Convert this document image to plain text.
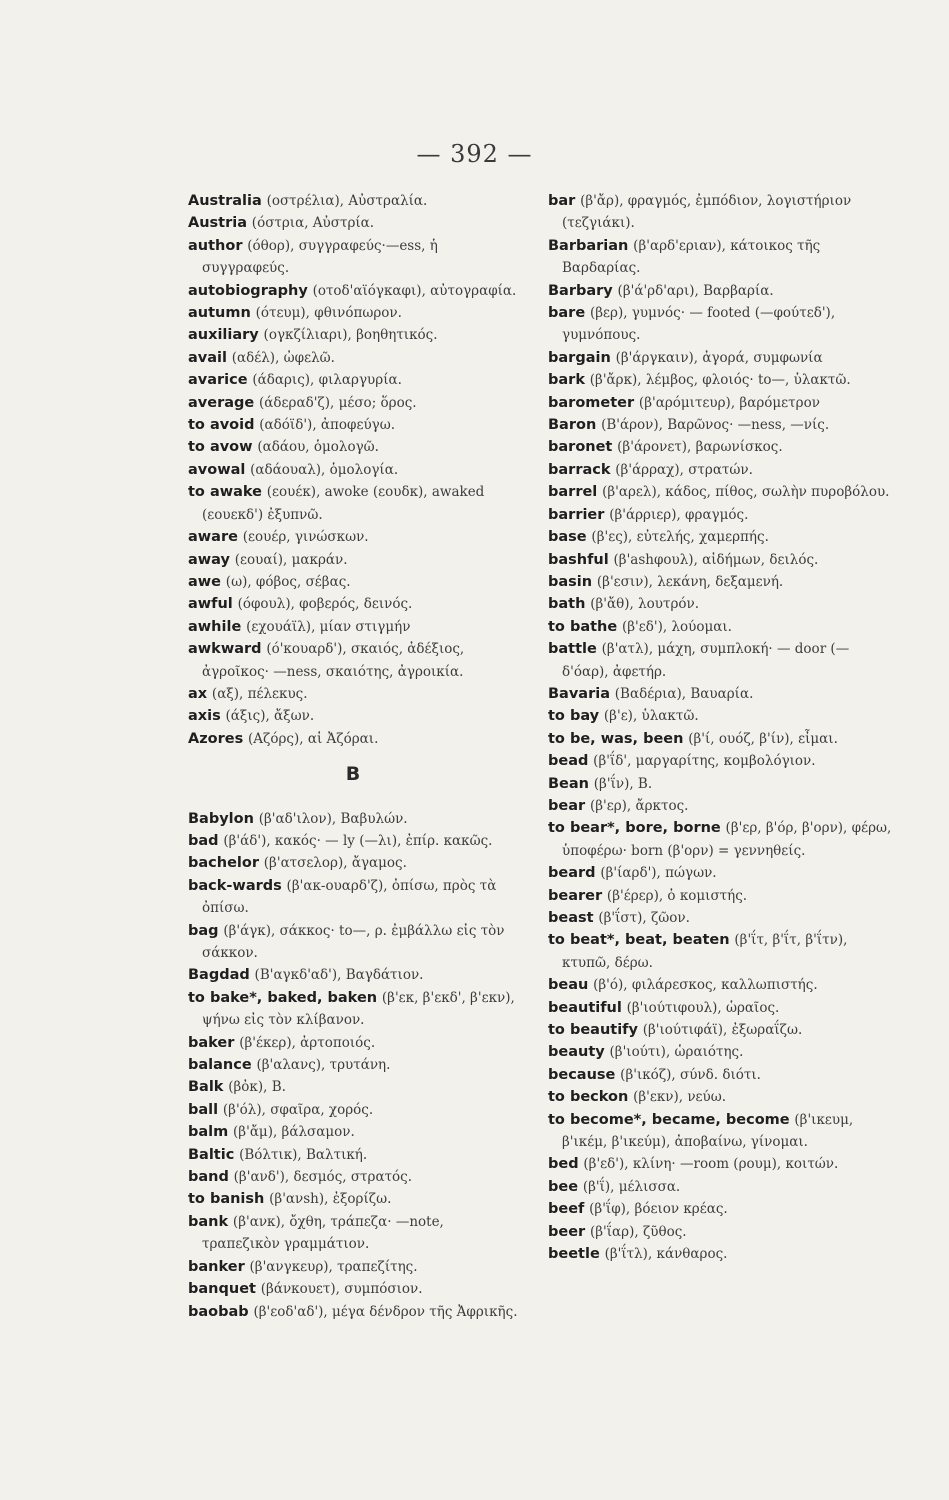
— 392 —

Australia (οστρέλια), Αὐστραλία.

Austria (όστρια, Αὐστρία.

author (όθορ), συγγραφεύς·—ess, ἡ συγγραφεύς.

autobiography (οτοδ'αϊόγκαφι), αὐτογραφία.

autumn (ότευμ), φθινόπωρον.

auxiliary (ογκζίλιαρι), βοηθητικός.

avail (αδέλ), ὠφελῶ.

avarice (άδαρις), φιλαργυρία.

average (άδεραδ'ζ), μέσο; ὅρος.

to avoid (αδόϊδ'), ἀποφεύγω.

to avow (αδάου, ὁμολογῶ.

avowal (αδάουαλ), ὁμολογία.

to awake (εουέκ), awoke (εουδκ), awaked (εουεκδ') ἐξυπνῶ.

aware (εουέρ, γινώσκων.

away (εουαί), μακράν.

awe (ω), φόβος, σέβας.

awful (όφουλ), φοβερός, δεινός.

awhile (εχουάϊλ), μίαν στιγμήν

awkward (ό'κουαρδ'), σκαιός, ἀδέξιος, ἀγροῖκος· —ness, σκαιότης, ἀγροικία.

ax (αξ), πέλεκυς.

axis (άξις), ἄξων.

Azores (Αζόρς), αἱ Ἀζόραι.

B

Babylon (β'αδ'ιλον), Βαβυλών.

bad (β'άδ'), κακός· — ly (—λι), ἐπίρ. κακῶς.

bachelor (β'ατσελορ), ἄγαμος.

back-wards (β'ακ-ουαρδ'ζ), ὀπίσω, πρὸς τὰ ὀπίσω.

bag (β'άγκ), σάκκος· to—, ρ. ἐμβάλλω εἰς τὸν σάκκον.

Bagdad (Β'αγκδ'αδ'), Βαγδάτιον.

to bake*, baked, baken (β'εκ, β'εκδ', β'εκν), ψήνω εἰς τὸν κλίβανον.

baker (β'έκερ), ἀρτοποιός.

balance (β'αλανς), τρυτάνη.

Balk (βὀκ), Β.

ball (β'όλ), σφαῖρα, χορός.

balm (β'ἄμ), βάλσαμον.

Baltic (Βόλτικ), Βαλτική.

band (β'ανδ'), δεσμός, στρατός.

to banish (β'ανsh), ἐξορίζω.

bank (β'ανκ), ὄχθη, τράπεζα· —note, τραπεζικὸν γραμμάτιον.

banker (β'ανγκευρ), τραπεζίτης.

banquet (βάνκουετ), συμπόσιον.

baobab (β'εοδ'αδ'), μέγα δένδρον τῆς Ἀφρικῆς.

bar (β'ἄρ), φραγμός, ἐμπόδιον, λογιστήριον (τεζγιάκι).

Barbarian (β'αρδ'εριαν), κάτοικος τῆς Βαρδαρίας.

Barbary (β'ά'ρδ'αρι), Βαρβαρία.

bare (βερ), γυμνός· — footed (—φούτεδ'), γυμνόπους.

bargain (β'άργκαιν), ἀγορά, συμφωνία

bark (β'ἄρκ), λέμβος, φλοιός· to—, ὑλακτῶ.

barometer (β'αρόμιτευρ), βαρόμετρον

Baron (Β'άρον), Βαρῶνος· —ness, —νίς.

baronet (β'άρονετ), βαρωνίσκος.

barrack (β'άρραχ), στρατών.

barrel (β'αρελ), κάδος, πίθος, σωλὴν πυροβόλου.

barrier (β'άρριερ), φραγμός.

base (β'ες), εὐτελής, χαμερπής.

bashful (β'ashφουλ), αἰδήμων, δειλός.

basin (β'εσιν), λεκάνη, δεξαμενή.

bath (β'ἄθ), λουτρόν.

to bathe (β'εδ'), λούομαι.

battle (β'ατλ), μάχη, συμπλοκή· — door (—δ'όαρ), ἀφετήρ.

Bavaria (Βαδέρια), Βαυαρία.

to bay (β'ε), ὑλακτῶ.

to be, was, been (β'ί, ουόζ, β'ίν), εἶμαι.

bead (β'ΐδ', μαργαρίτης, κομβολόγιον.

Bean (β'ΐν), Β.

bear (β'ερ), ἄρκτος.

to bear*, bore, borne (β'ερ, β'όρ, β'ορν), φέρω, ὑποφέρω· born (β'ορν) = γεννηθείς.

beard (β'ίαρδ'), πώγων.

bearer (β'έρερ), ὁ κομιστής.

beast (β'ΐστ), ζῶον.

to beat*, beat, beaten (β'ΐτ, β'ΐτ, β'ΐτν), κτυπῶ, δέρω.

beau (β'ό), φιλάρεσκος, καλλωπιστής.

beautiful (β'ιούτιφουλ), ὡραῖος.

to beautify (β'ιούτιφάϊ), ἐξωραΐζω.

beauty (β'ιούτι), ὡραιότης.

because (β'ικόζ), σύνδ. διότι.

to beckon (β'εκν), νεύω.

to become*, became, become (β'ικευμ, β'ικέμ, β'ικεύμ), ἀποβαίνω, γίνομαι.

bed (β'εδ'), κλίνη· —room (ρουμ), κοιτών.

bee (β'ΐ), μέλισσα.

beef (β'ΐφ), βόειον κρέας.

beer (β'ΐαρ), ζῦθος.

beetle (β'ΐτλ), κάνθαρος.
